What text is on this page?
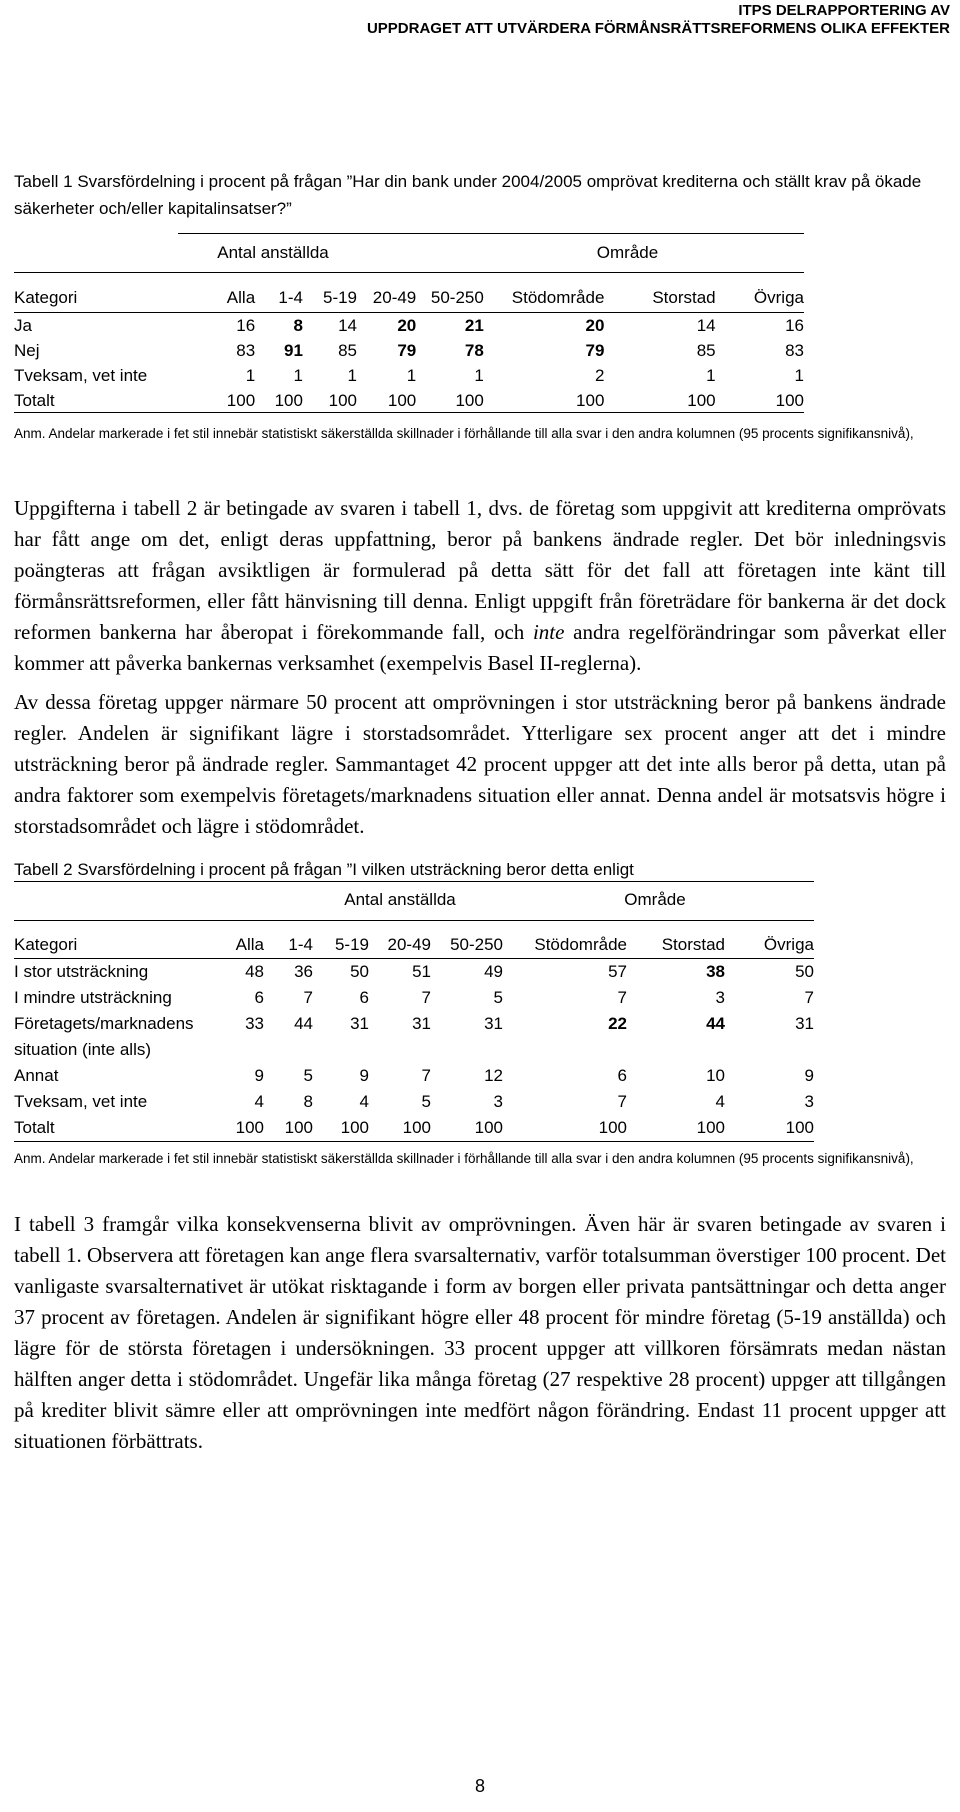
ITPS DELRAPPORTERING AV
UPPDRAGET ATT UTVÄRDERA FÖRMÅNSRÄTTSREFORMENS OLIKA EFFEKTER
Tabell 1 Svarsfördelning i procent på frågan ”Har din bank under 2004/2005 omprövat krediterna och ställt krav på ökade säkerheter och/eller kapitalinsatser?”
Antal anställda	Område
Kategori	Alla	1-4	5-19	20-49	50-250	Stödområde	Storstad	Övriga
Ja	16	8	14	20	21	20	14	16
Nej	83	91	85	79	78	79	85	83
Tveksam, vet inte	1	1	1	1	1	2	1	1
Totalt	100	100	100	100	100	100	100	100
Anm. Andelar markerade i fet stil innebär statistiskt säkerställda skillnader i förhållande till alla svar i den andra kolumnen (95 procents signifikansnivå),

Uppgifterna i tabell 2 är betingade av svaren i tabell 1, dvs. de företag som uppgivit att krediterna omprövats har fått ange om det, enligt deras uppfattning, beror på bankens ändrade regler. Det bör inledningsvis poängteras att frågan avsiktligen är formulerad på detta sätt för det fall att företagen inte känt till förmånsrättsreformen, eller fått hänvisning till denna. Enligt uppgift från företrädare för bankerna är det dock reformen bankerna har åberopat i förekommande fall, och inte andra regelförändringar som påverkat eller kommer att påverka bankernas verksamhet (exempelvis Basel II-reglerna).

Av dessa företag uppger närmare 50 procent att omprövningen i stor utsträckning beror på bankens ändrade regler. Andelen är signifikant lägre i storstadsområdet. Ytterligare sex procent anger att det i mindre utsträckning beror på ändrade regler. Sammantaget 42 procent uppger att det inte alls beror på detta, utan på andra faktorer som exempelvis företagets/marknadens situation eller annat. Denna andel är motsatsvis högre i storstadsområdet och lägre i stödområdet.

Tabell 2 Svarsfördelning i procent på frågan ”I vilken utsträckning beror detta enligt
Antal anställda	Område
Kategori	Alla	1-4	5-19	20-49	50-250	Stödområde	Storstad	Övriga
I stor utsträckning	48	36	50	51	49	57	38	50
I mindre utsträckning	6	7	6	7	5	7	3	7
Företagets/marknadens	33	44	31	31	31	22	44	31
situation (inte alls)								
Annat	9	5	9	7	12	6	10	9
Tveksam, vet inte	4	8	4	5	3	7	4	3
Totalt	100	100	100	100	100	100	100	100
Anm. Andelar markerade i fet stil innebär statistiskt säkerställda skillnader i förhållande till alla svar i den andra kolumnen (95 procents signifikansnivå),

I tabell 3 framgår vilka konsekvenserna blivit av omprövningen. Även här är svaren betingade av svaren i tabell 1. Observera att företagen kan ange flera svarsalternativ, varför totalsumman överstiger 100 procent. Det vanligaste svarsalternativet är utökat risktagande i form av borgen eller privata pantsättningar och detta anger 37 procent av företagen. Andelen är signifikant högre eller 48 procent för mindre företag (5-19 anställda) och lägre för de största företagen i undersökningen. 33 procent uppger att villkoren försämrats medan nästan hälften anger detta i stödområdet. Ungefär lika många företag (27 respektive 28 procent) uppger att tillgången på krediter blivit sämre eller att omprövningen inte medfört någon förändring. Endast 11 procent uppger att situationen förbättrats.

8
